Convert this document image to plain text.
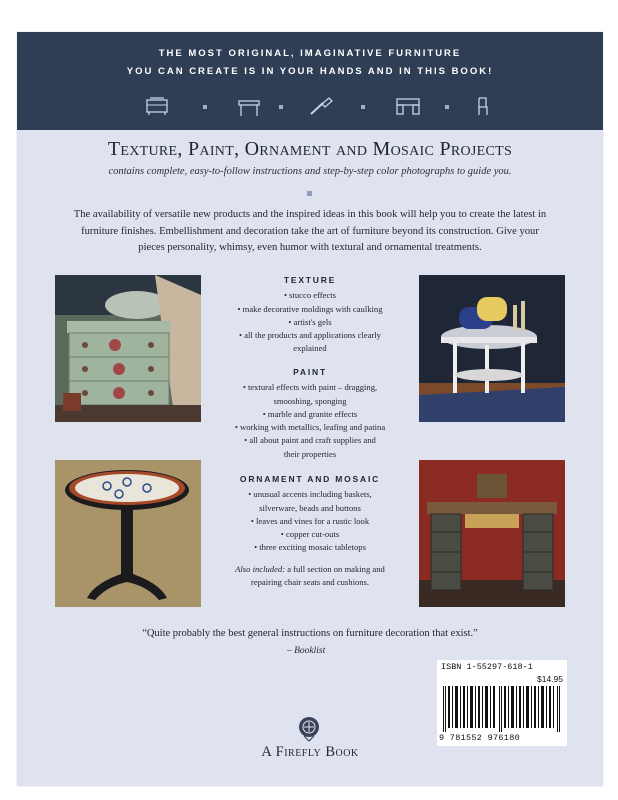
THE MOST ORIGINAL, IMAGINATIVE FURNITURE
YOU CAN CREATE IS IN YOUR HANDS AND IN THIS BOOK!
Texture, Paint, Ornament and Mosaic Projects
contains complete, easy-to-follow instructions and step-by-step color photographs to guide you.
The availability of versatile new products and the inspired ideas in this book will help you to create the latest in furniture finishes. Embellishment and decoration take the art of furniture beyond its construction. Give your pieces personality, whimsy, even humor with textural and ornamental treatments.
TEXTURE
• stucco effects
• make decorative moldings with caulking
• artist's gels
• all the products and applications clearly explained
PAINT
• textural effects with paint – dragging, smooshing, sponging
• marble and granite effects
• working with metallics, leafing and patina
• all about paint and craft supplies and their properties
ORNAMENT AND MOSAIC
• unusual accents including baskets, silverware, beads and buttons
• leaves and vines for a rustic look
• copper cut-outs
• three exciting mosaic tabletops
Also included: a full section on making and repairing chair seats and cushions.
“Quite probably the best general instructions on furniture decoration that exist.”
– Booklist
ISBN 1-55297-618-1
$14.95
9 781552 976180
A Firefly Book
